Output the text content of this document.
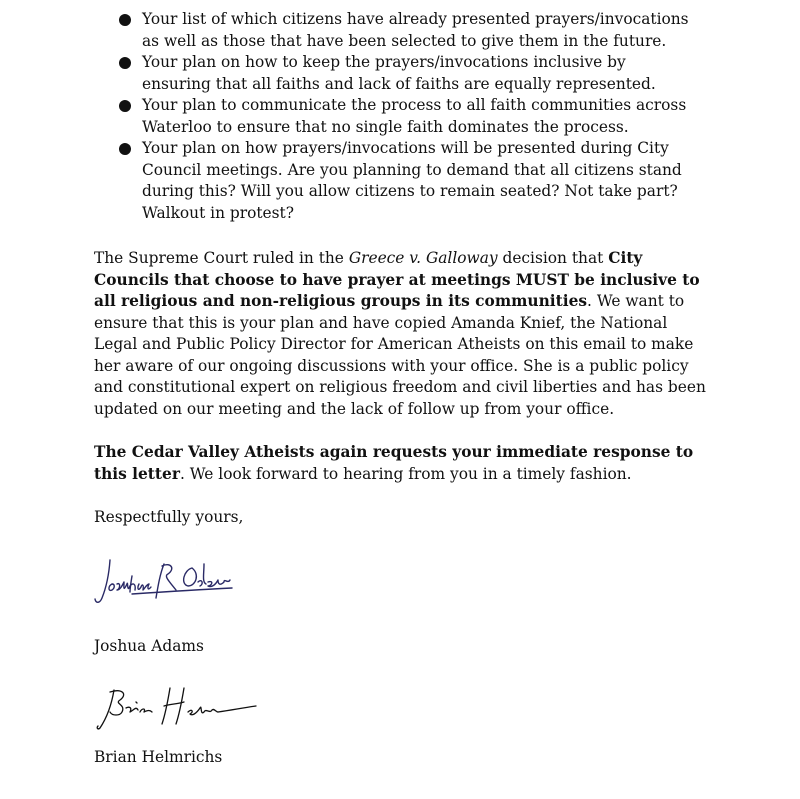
Your list of which citizens have already presented prayers/invocations as well as those that have been selected to give them in the future.
Your plan on how to keep the prayers/invocations inclusive by ensuring that all faiths and lack of faiths are equally represented.
Your plan to communicate the process to all faith communities across Waterloo to ensure that no single faith dominates the process.
Your plan on how prayers/invocations will be presented during City Council meetings. Are you planning to demand that all citizens stand during this? Will you allow citizens to remain seated? Not take part? Walkout in protest?

The Supreme Court ruled in the Greece v. Galloway decision that City Councils that choose to have prayer at meetings MUST be inclusive to all religious and non-religious groups in its communities. We want to ensure that this is your plan and have copied Amanda Knief, the National Legal and Public Policy Director for American Atheists on this email to make her aware of our ongoing discussions with your office. She is a public policy and constitutional expert on religious freedom and civil liberties and has been updated on our meeting and the lack of follow up from your office.

The Cedar Valley Atheists again requests your immediate response to this letter. We look forward to hearing from you in a timely fashion.

Respectfully yours,

Joshua Adams

Brian Helmrichs
